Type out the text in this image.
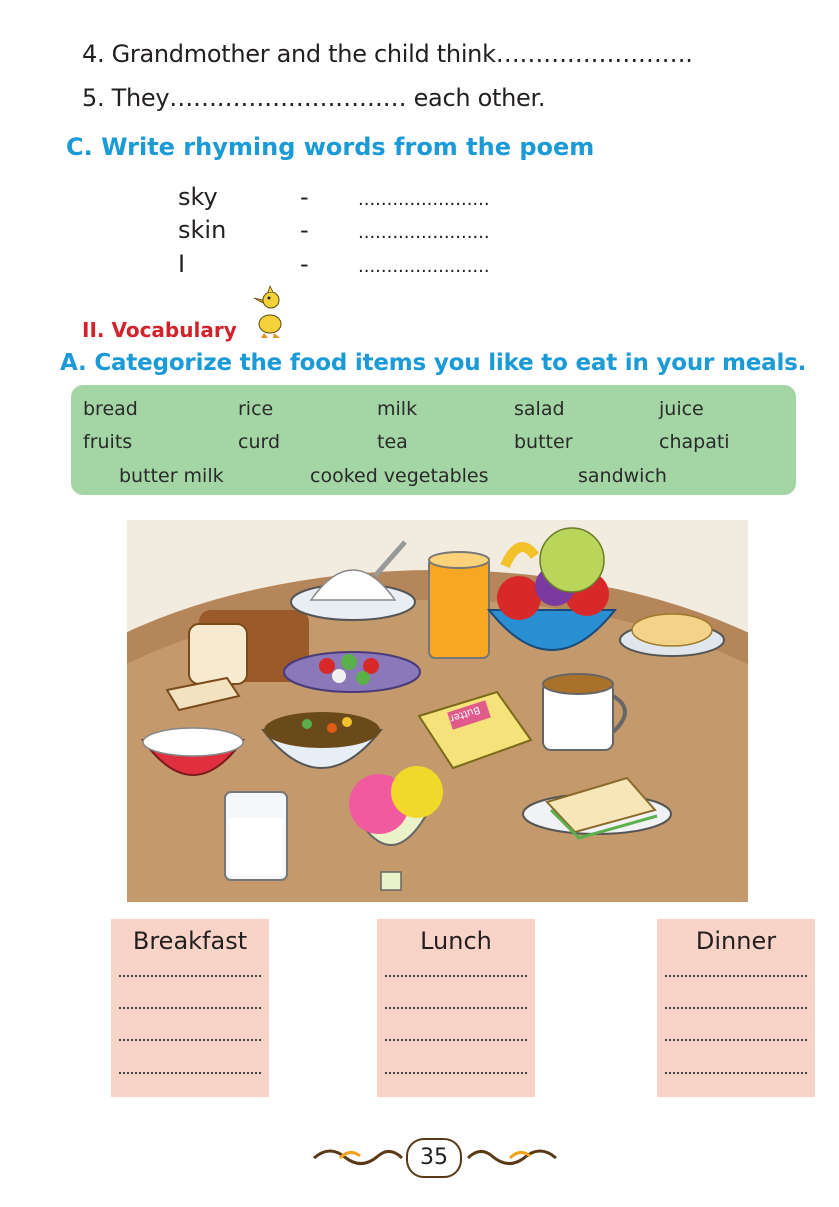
4. Grandmother and the child think…………………….
5. They………………………… each other.
C. Write rhyming words from the poem
sky	-	.......................
skin	-	.......................
I	-	.......................
II. Vocabulary
A. Categorize the food items you like to eat in your meals.
bread	rice	milk	salad	juice
fruits	curd	tea	butter	chapati
butter milk	cooked vegetables	sandwich
Butter
Breakfast	Lunch	Dinner
35
